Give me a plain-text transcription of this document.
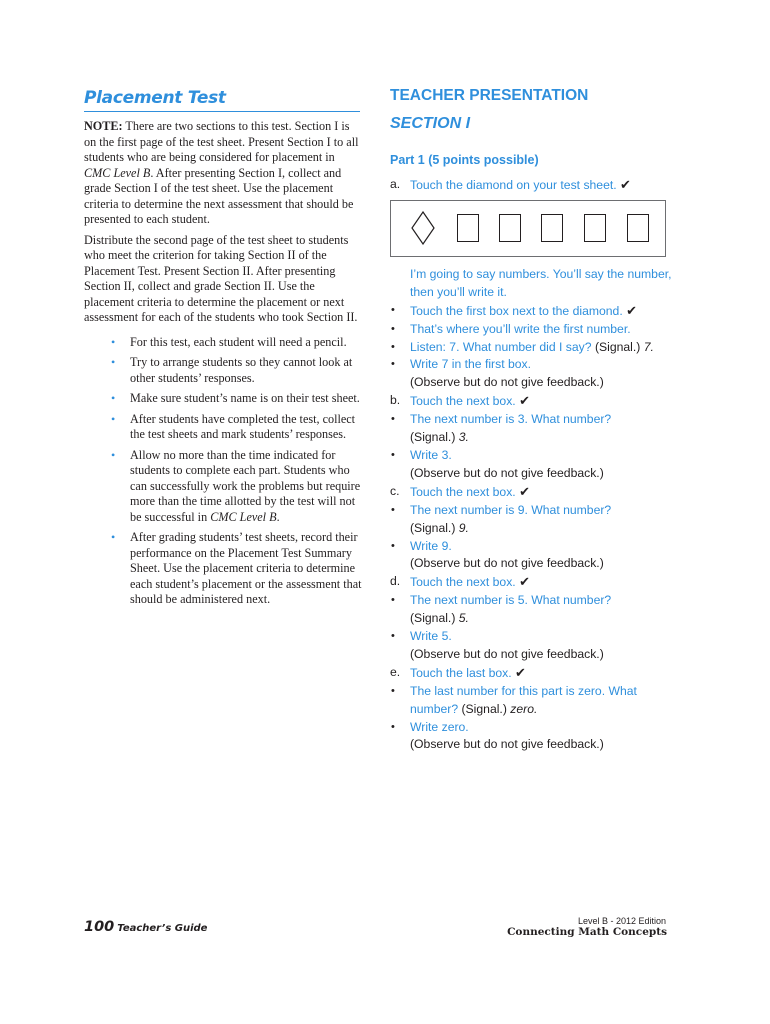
Placement Test

NOTE: There are two sections to this test. Section I is on the first page of the test sheet. Present Section I to all students who are being considered for placement in CMC Level B. After presenting Section I, collect and grade Section I of the test sheet. Use the placement criteria to determine the next assessment that should be presented to each student.

Distribute the second page of the test sheet to students who meet the criterion for taking Section II of the Placement Test. Present Section II. After presenting Section II, collect and grade Section II. Use the placement criteria to determine the placement or next assessment for each of the students who took Section II.

• For this test, each student will need a pencil.
• Try to arrange students so they cannot look at other students’ responses.
• Make sure student’s name is on their test sheet.
• After students have completed the test, collect the test sheets and mark students’ responses.
• Allow no more than the time indicated for students to complete each part. Students who can successfully work the problems but require more than the time allotted by the test will not be successful in CMC Level B.
• After grading students’ test sheets, record their performance on the Placement Test Summary Sheet. Use the placement criteria to determine each student’s placement or the assessment that should be administered next.
TEACHER PRESENTATION
SECTION I
Part 1 (5 points possible)
a. Touch the diamond on your test sheet. ✔
I’m going to say numbers. You’ll say the number, then you’ll write it.
•	Touch the first box next to the diamond. ✔
•	That’s where you’ll write the first number.
•	Listen: 7. What number did I say? (Signal.) 7.
•	Write 7 in the first box.
(Observe but do not give feedback.)
b. Touch the next box. ✔
•	The next number is 3. What number?
(Signal.) 3.
•	Write 3.
(Observe but do not give feedback.)
c. Touch the next box. ✔
•	The next number is 9. What number?
(Signal.) 9.
•	Write 9.
(Observe but do not give feedback.)
d. Touch the next box. ✔
•	The next number is 5. What number?
(Signal.) 5.
•	Write 5.
(Observe but do not give feedback.)
e. Touch the last box. ✔
•	The last number for this part is zero. What number? (Signal.) zero.
•	Write zero.
(Observe but do not give feedback.)
100 Teacher’s Guide
Level B - 2012 Edition
Connecting Math Concepts
